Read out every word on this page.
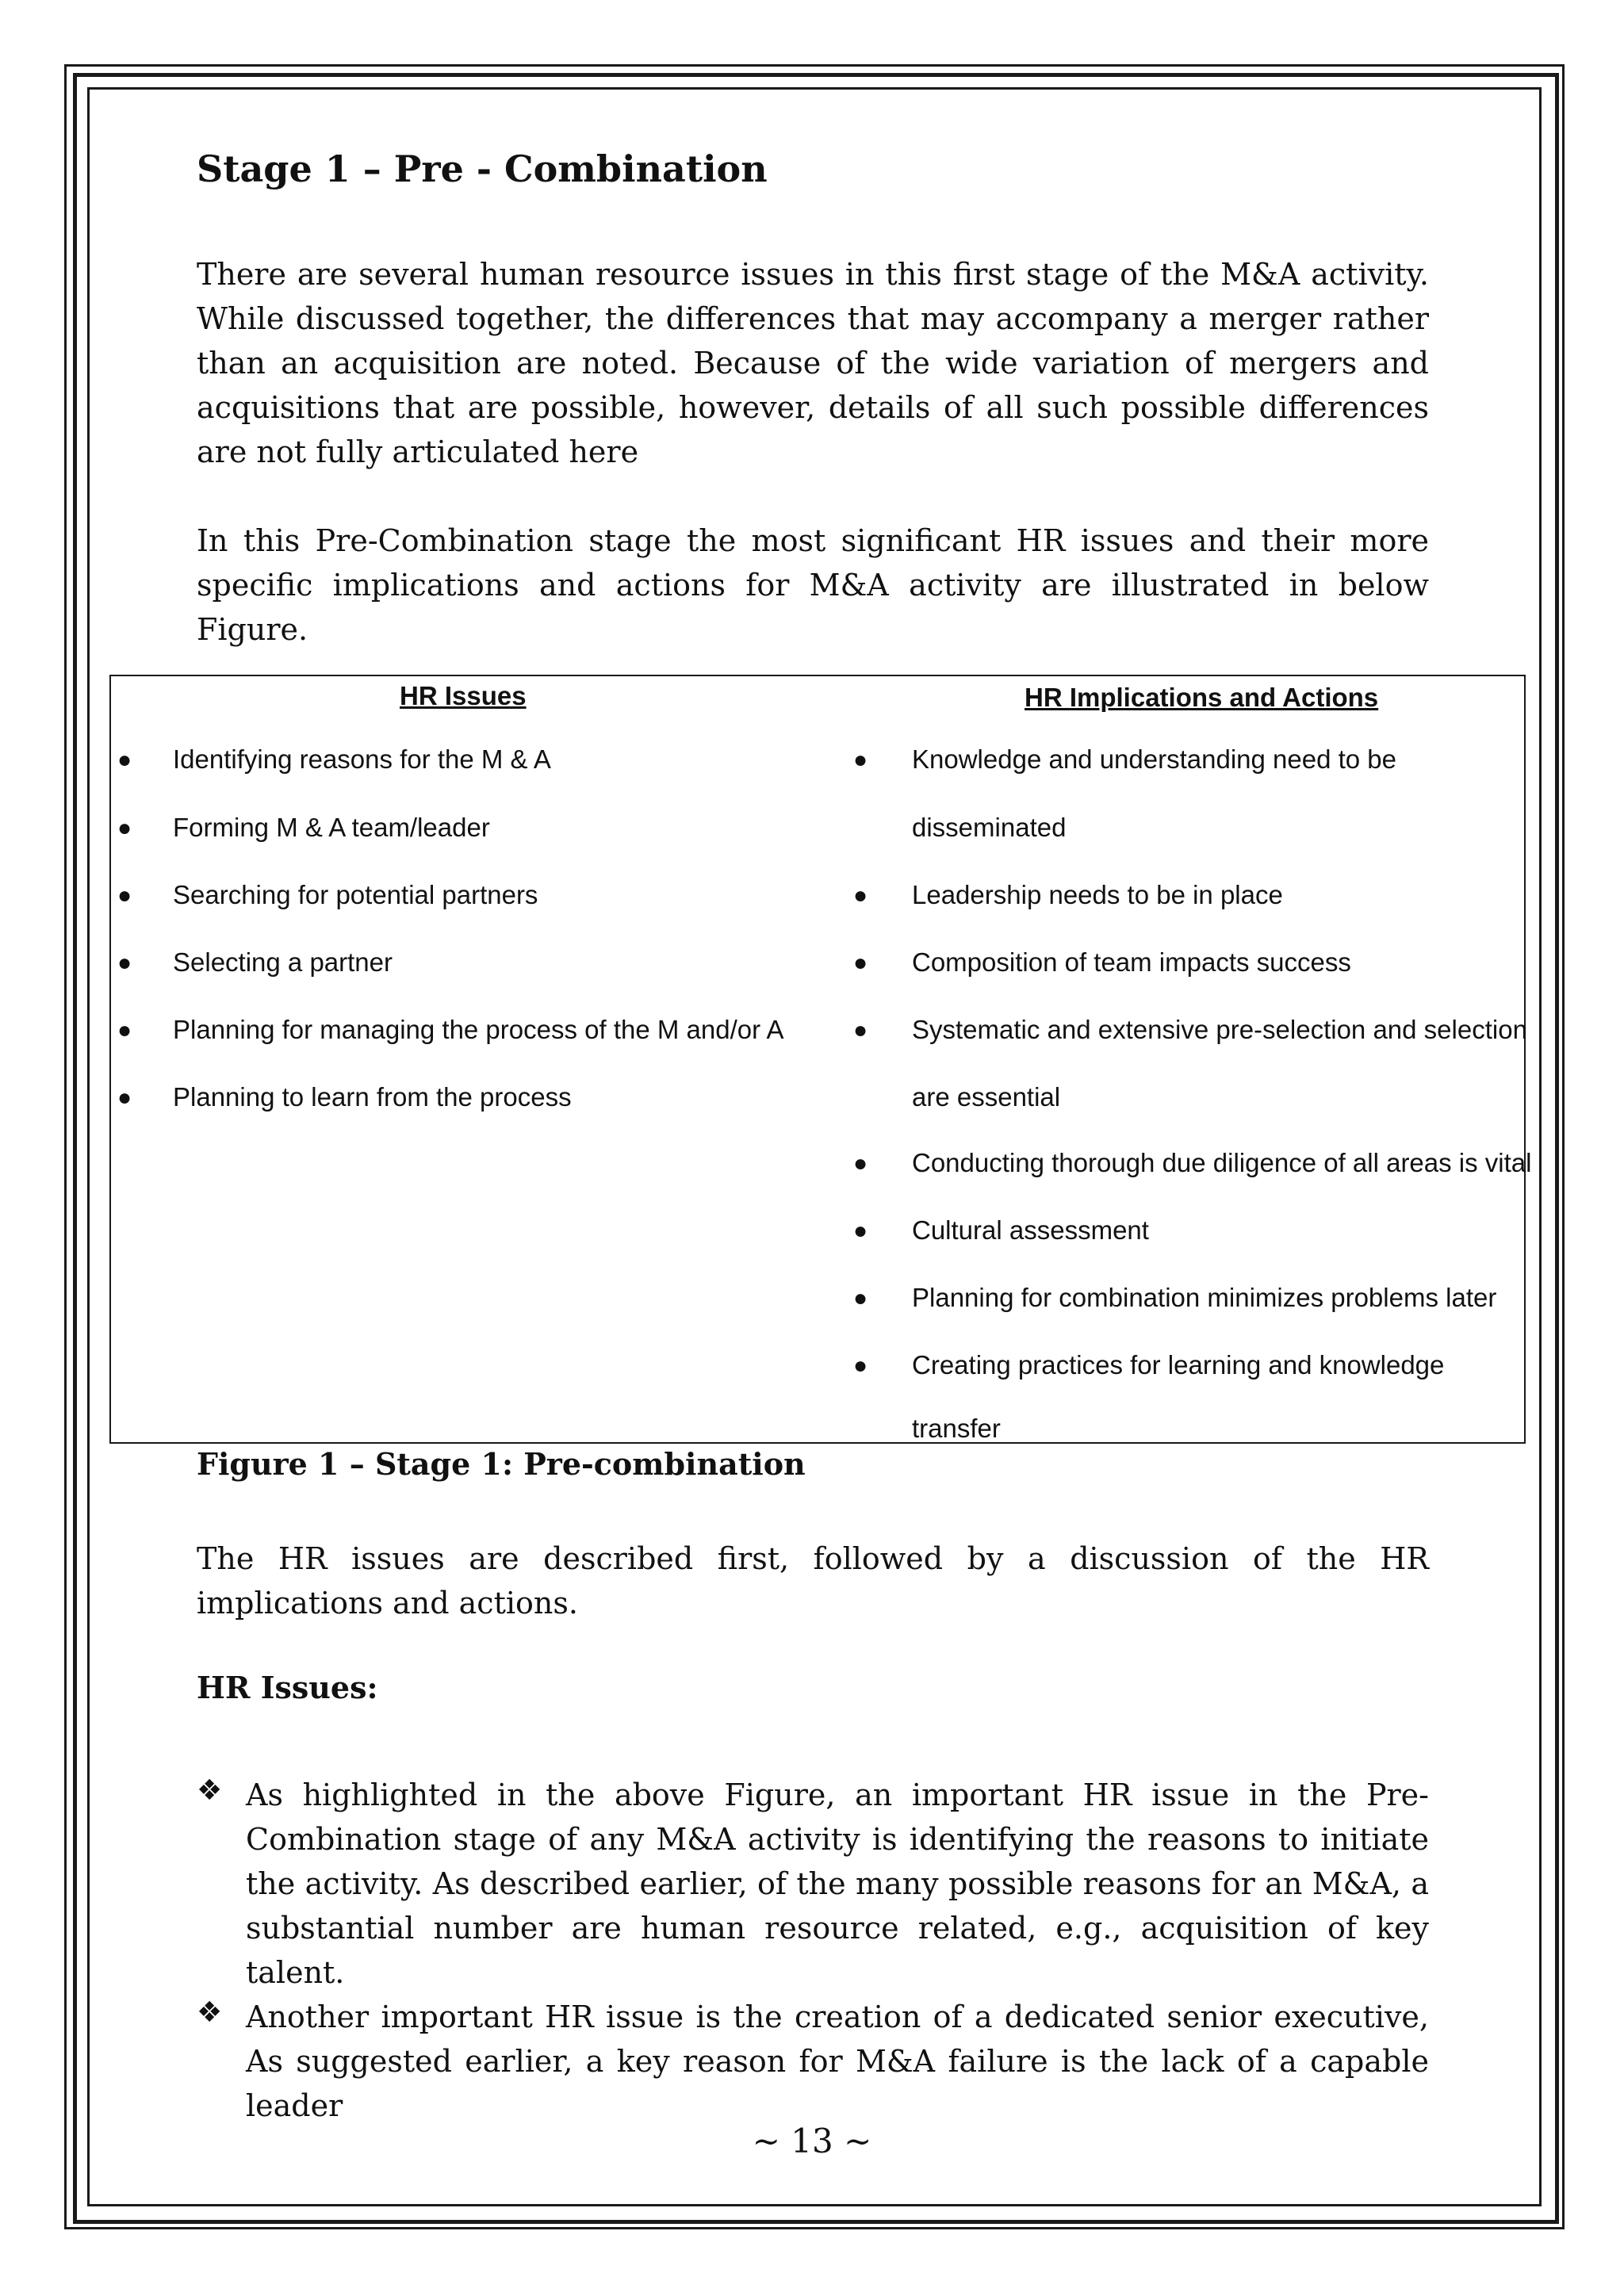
Stage 1 – Pre - Combination

There are several human resource issues in this first stage of the M&A activity. While discussed together, the differences that may accompany a merger rather than an acquisition are noted. Because of the wide variation of mergers and acquisitions that are possible, however, details of all such possible differences are not fully articulated here

In this Pre-Combination stage the most significant HR issues and their more specific implications and actions for M&A activity are illustrated in below Figure.

HR Issues	HR Implications and Actions
● Identifying reasons for the M & A
● Forming M & A team/leader
● Searching for potential partners
● Selecting a partner
● Planning for managing the process of the M and/or A
● Planning to learn from the process
● Knowledge and understanding need to be
disseminated
● Leadership needs to be in place
● Composition of team impacts success
● Systematic and extensive pre-selection and selection
are essential
● Conducting thorough due diligence of all areas is vital
● Cultural assessment
● Planning for combination minimizes problems later
● Creating practices for learning and knowledge
transfer

Figure 1 – Stage 1: Pre-combination

The HR issues are described first, followed by a discussion of the HR implications and actions.

HR Issues:

❖ As highlighted in the above Figure, an important HR issue in the Pre-Combination stage of any M&A activity is identifying the reasons to initiate the activity. As described earlier, of the many possible reasons for an M&A, a substantial number are human resource related, e.g., acquisition of key talent.

❖ Another important HR issue is the creation of a dedicated senior executive, As suggested earlier, a key reason for M&A failure is the lack of a capable leader

~ 13 ~
